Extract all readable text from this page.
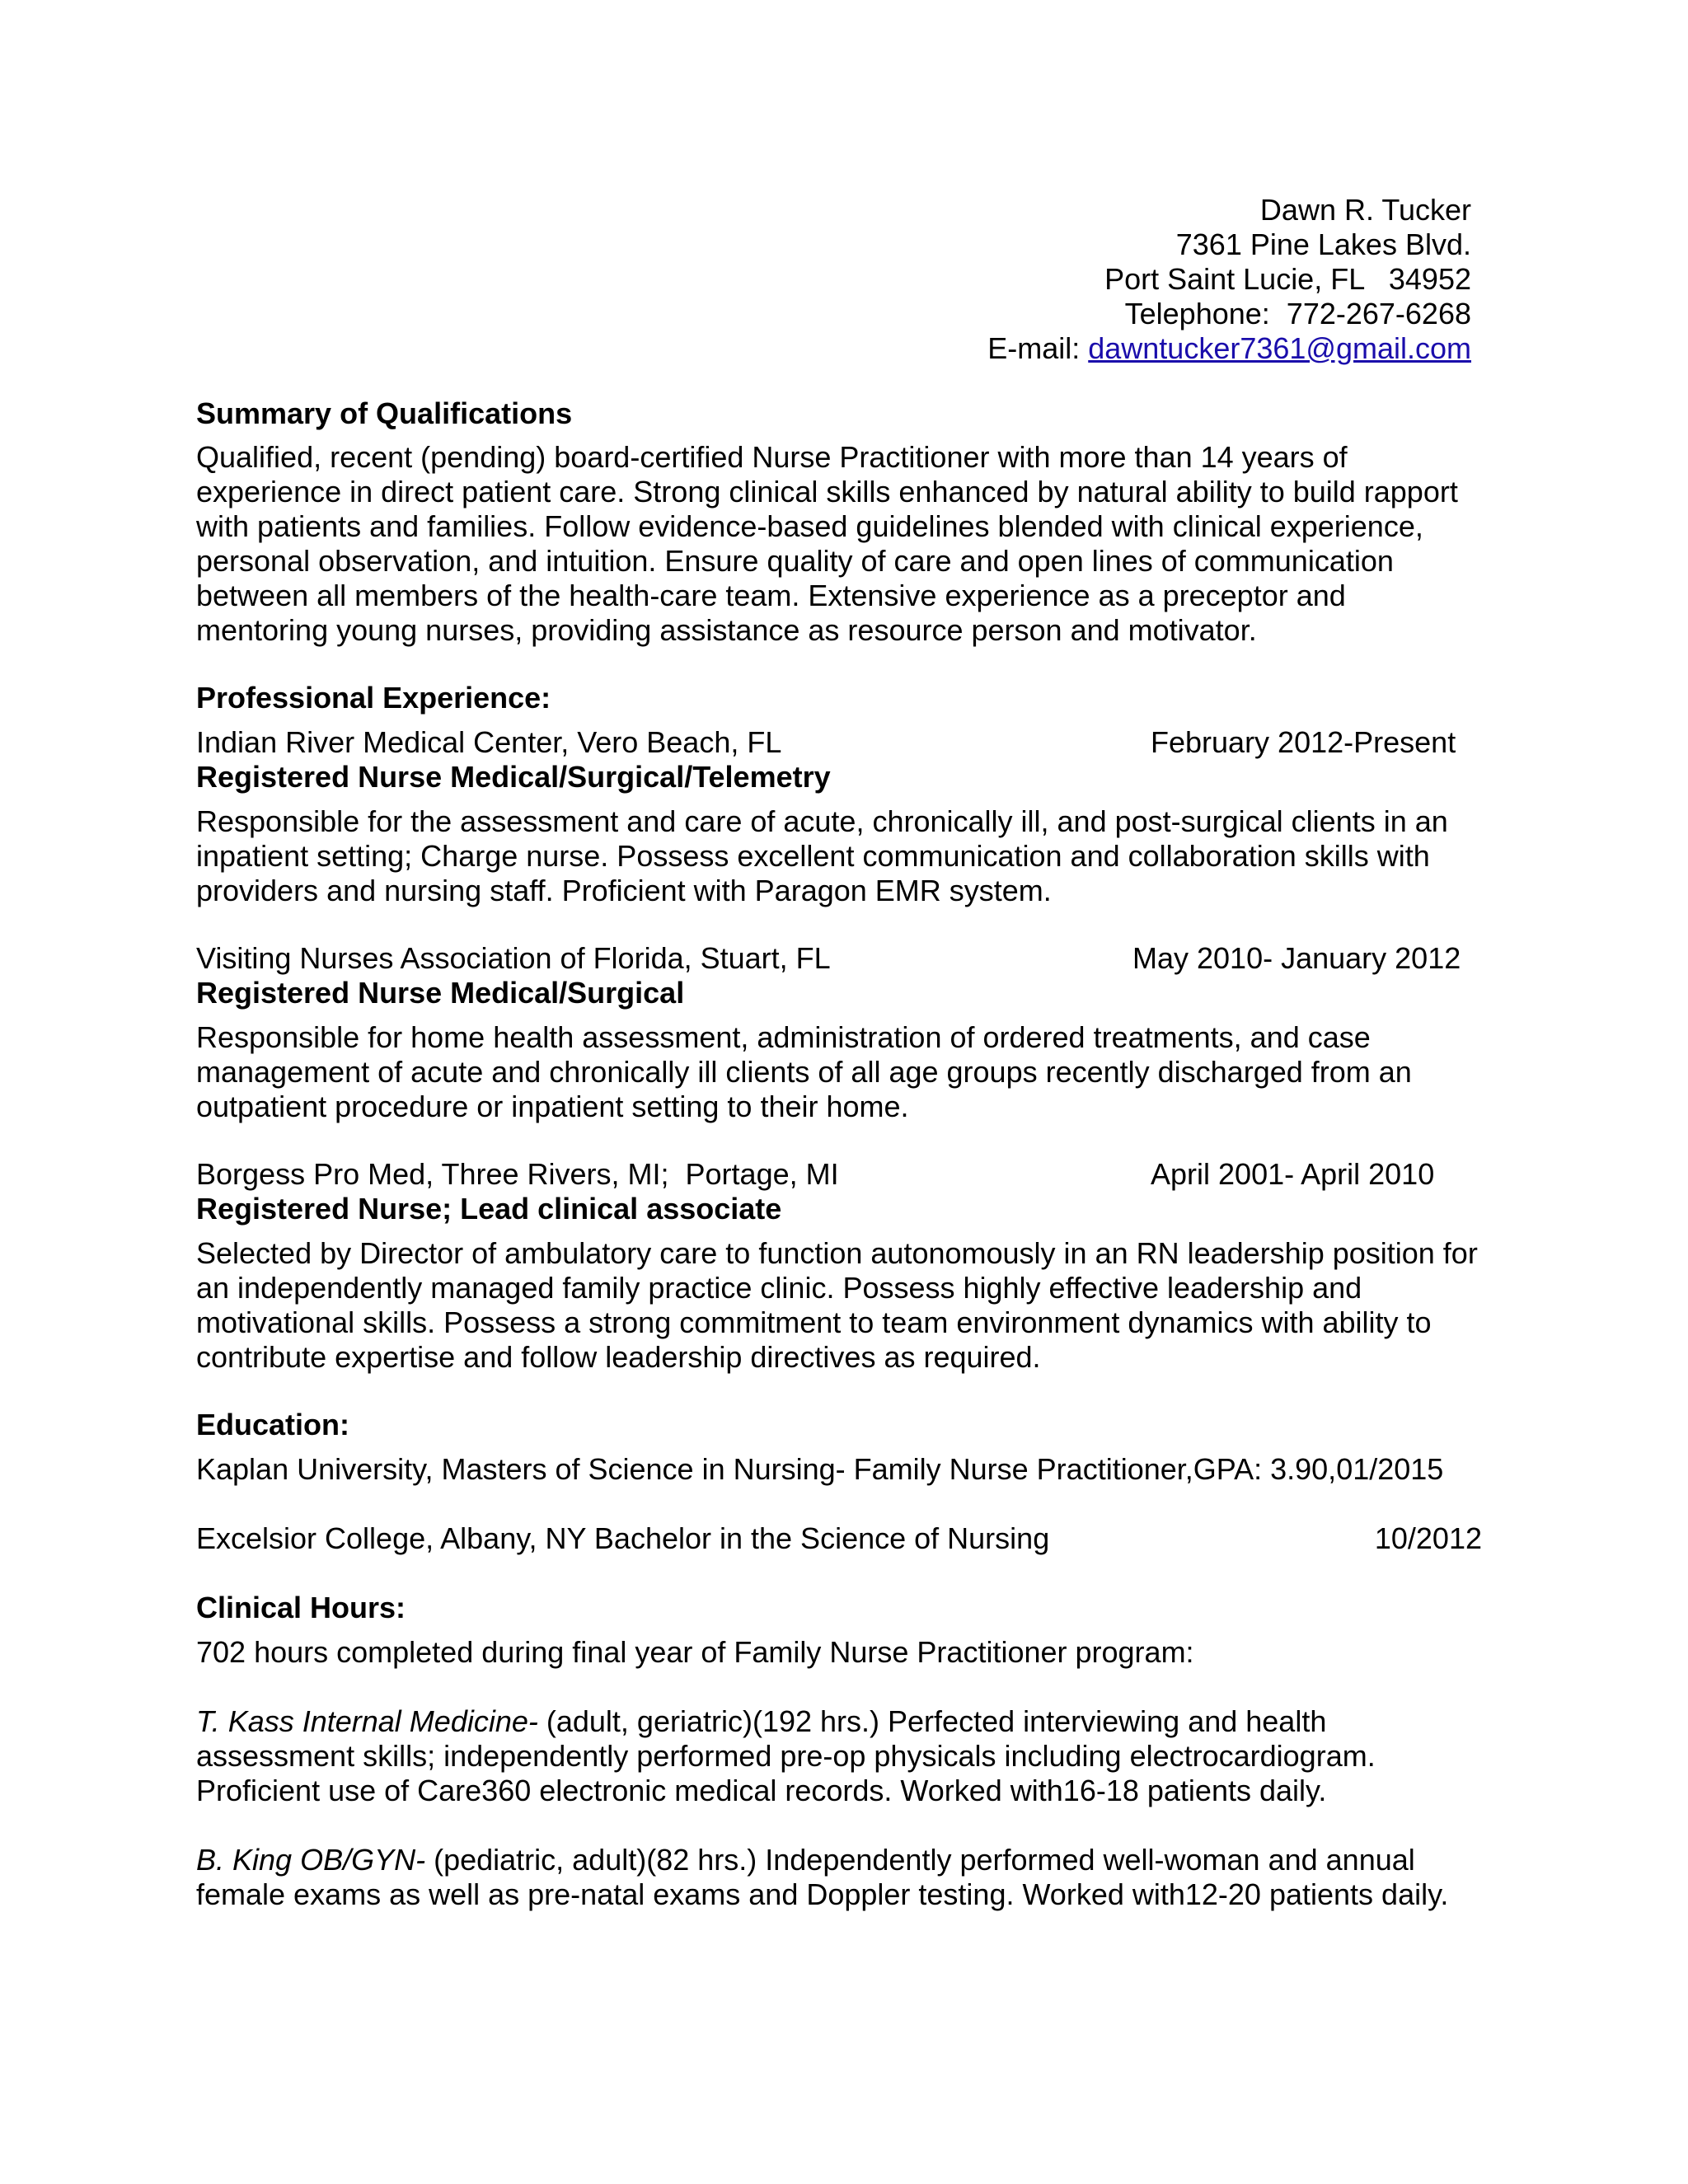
Dawn R. Tucker
7361 Pine Lakes Blvd.
Port Saint Lucie, FL   34952
Telephone:  772-267-6268
E-mail: dawntucker7361@gmail.com
Summary of Qualifications

Qualified, recent (pending) board-certified Nurse Practitioner with more than 14 years of experience in direct patient care. Strong clinical skills enhanced by natural ability to build rapport with patients and families. Follow evidence-based guidelines blended with clinical experience, personal observation, and intuition. Ensure quality of care and open lines of communication between all members of the health-care team. Extensive experience as a preceptor and mentoring young nurses, providing assistance as resource person and motivator.

Professional Experience:
Indian River Medical Center, Vero Beach, FL	February 2012-Present
Registered Nurse Medical/Surgical/Telemetry

Responsible for the assessment and care of acute, chronically ill, and post-surgical clients in an inpatient setting; Charge nurse. Possess excellent communication and collaboration skills with providers and nursing staff. Proficient with Paragon EMR system.

Visiting Nurses Association of Florida, Stuart, FL	May 2010- January 2012
Registered Nurse Medical/Surgical

Responsible for home health assessment, administration of ordered treatments, and case management of acute and chronically ill clients of all age groups recently discharged from an outpatient procedure or inpatient setting to their home.

Borgess Pro Med, Three Rivers, MI;  Portage, MI	April 2001- April 2010
Registered Nurse; Lead clinical associate

Selected by Director of ambulatory care to function autonomously in an RN leadership position for an independently managed family practice clinic. Possess highly effective leadership and motivational skills. Possess a strong commitment to team environment dynamics with ability to contribute expertise and follow leadership directives as required.

Education:
Kaplan University, Masters of Science in Nursing- Family Nurse Practitioner,GPA: 3.90,01/2015
Excelsior College, Albany, NY Bachelor in the Science of Nursing	10/2012
Clinical Hours:

702 hours completed during final year of Family Nurse Practitioner program:

T. Kass Internal Medicine- (adult, geriatric)(192 hrs.) Perfected interviewing and health assessment skills; independently performed pre-op physicals including electrocardiogram. Proficient use of Care360 electronic medical records. Worked with16-18 patients daily.

B. King OB/GYN- (pediatric, adult)(82 hrs.) Independently performed well-woman and annual female exams as well as pre-natal exams and Doppler testing. Worked with12-20 patients daily.
